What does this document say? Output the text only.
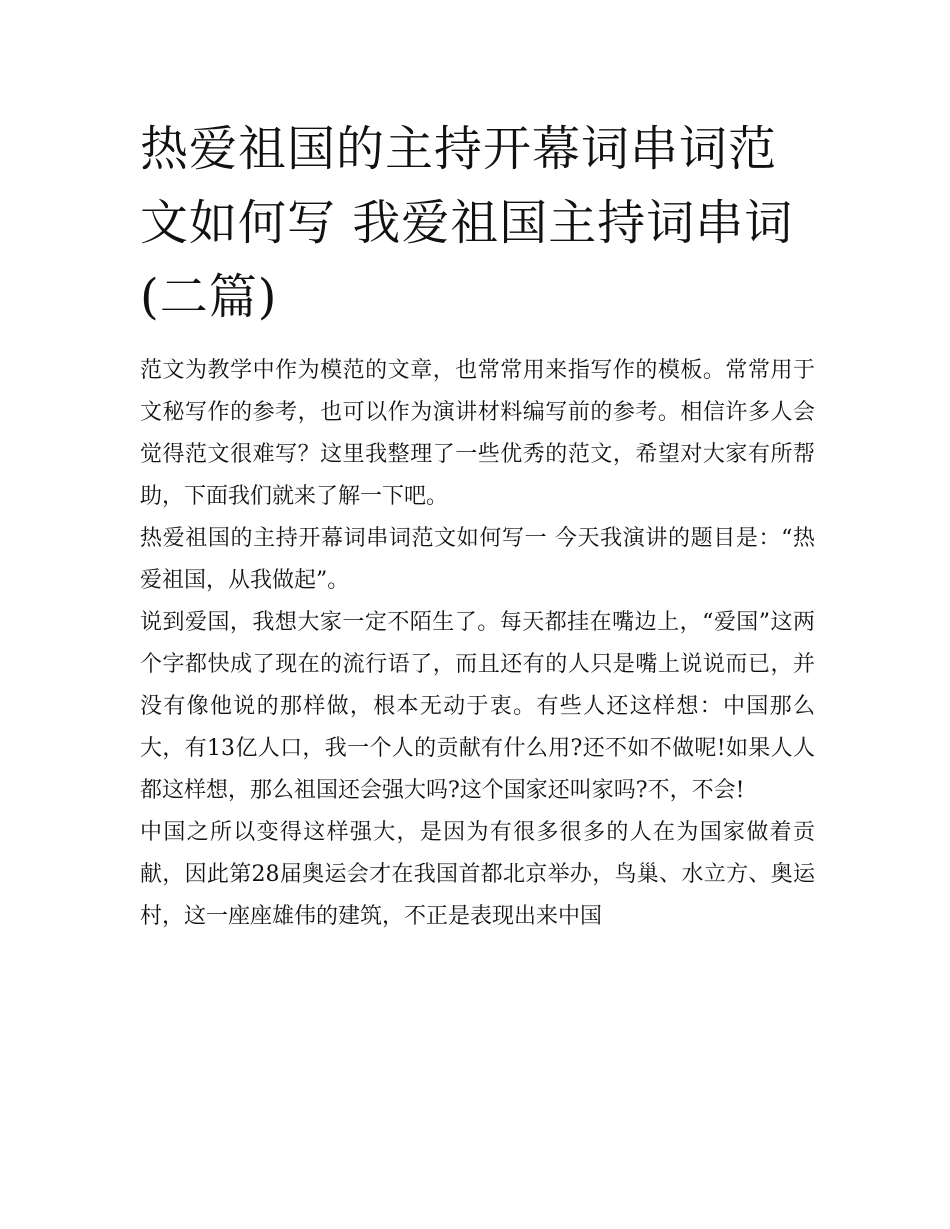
热爱祖国的主持开幕词串词范文如何写 我爱祖国主持词串词(二篇)

范文为教学中作为模范的文章，也常常用来指写作的模板。常常用于文秘写作的参考，也可以作为演讲材料编写前的参考。相信许多人会觉得范文很难写？这里我整理了一些优秀的范文，希望对大家有所帮助，下面我们就来了解一下吧。

热爱祖国的主持开幕词串词范文如何写一 今天我演讲的题目是：“热爱祖国，从我做起”。

说到爱国，我想大家一定不陌生了。每天都挂在嘴边上，“爱国”这两个字都快成了现在的流行语了，而且还有的人只是嘴上说说而已，并没有像他说的那样做，根本无动于衷。有些人还这样想：中国那么大，有13亿人口，我一个人的贡献有什么用?还不如不做呢!如果人人都这样想，那么祖国还会强大吗?这个国家还叫家吗?不，不会!

中国之所以变得这样强大，是因为有很多很多的人在为国家做着贡献，因此第28届奥运会才在我国首都北京举办，鸟巢、水立方、奥运村，这一座座雄伟的建筑，不正是表现出来中国
